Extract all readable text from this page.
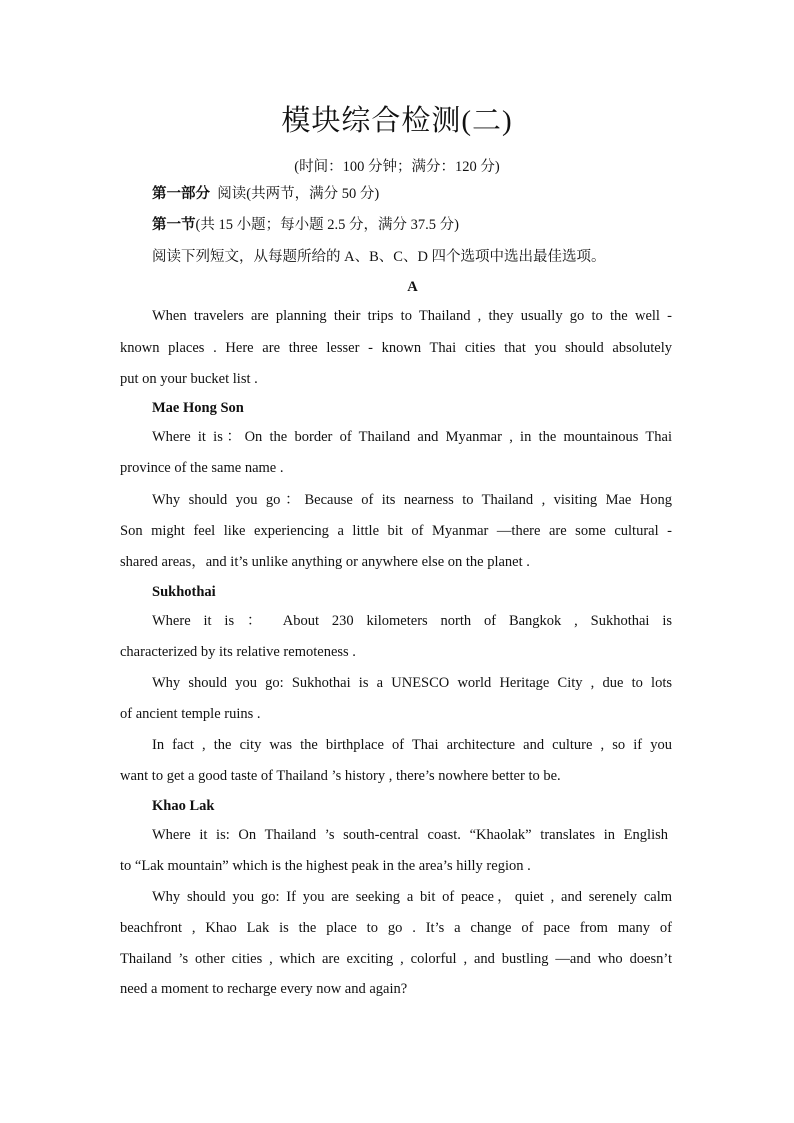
模块综合检测(二)
(时间：100 分钟；满分：120 分)
第一部分 阅读(共两节，满分 50 分)
第一节(共 15 小题；每小题 2.5 分，满分 37.5 分)
阅读下列短文，从每题所给的 A、B、C、D 四个选项中选出最佳选项。
A
When travelers are planning their trips to Thailand , they usually go to the well -
known places . Here are three lesser - known Thai cities that you should absolutely
put on your bucket list .
Mae Hong Son
Where it is：On the border of Thailand and Myanmar , in the mountainous Thai
province of the same name .
Why should you go：Because of its nearness to Thailand , visiting Mae Hong
Son might feel like experiencing a little bit of Myanmar —there are some cultural -
shared areas，and it’s unlike anything or anywhere else on the planet .
Sukhothai
Where it is ： About 230 kilometers north of Bangkok , Sukhothai is
characterized by its relative remoteness .
Why should you go: Sukhothai is a UNESCO world Heritage City , due to lots
of ancient temple ruins .
In fact , the city was the birthplace of Thai architecture and culture , so if you
want to get a good taste of Thailand ’s history , there’s nowhere better to be.
Khao Lak
Where it is: On Thailand ’s south-central coast. “Khaolak” translates in English
to “Lak mountain” which is the highest peak in the area’s hilly region .
Why should you go: If you are seeking a bit of peace，quiet , and serenely calm
beachfront , Khao Lak is the place to go . It’s a change of pace from many of
Thailand ’s other cities , which are exciting , colorful , and bustling —and who doesn’t
need a moment to recharge every now and again?
